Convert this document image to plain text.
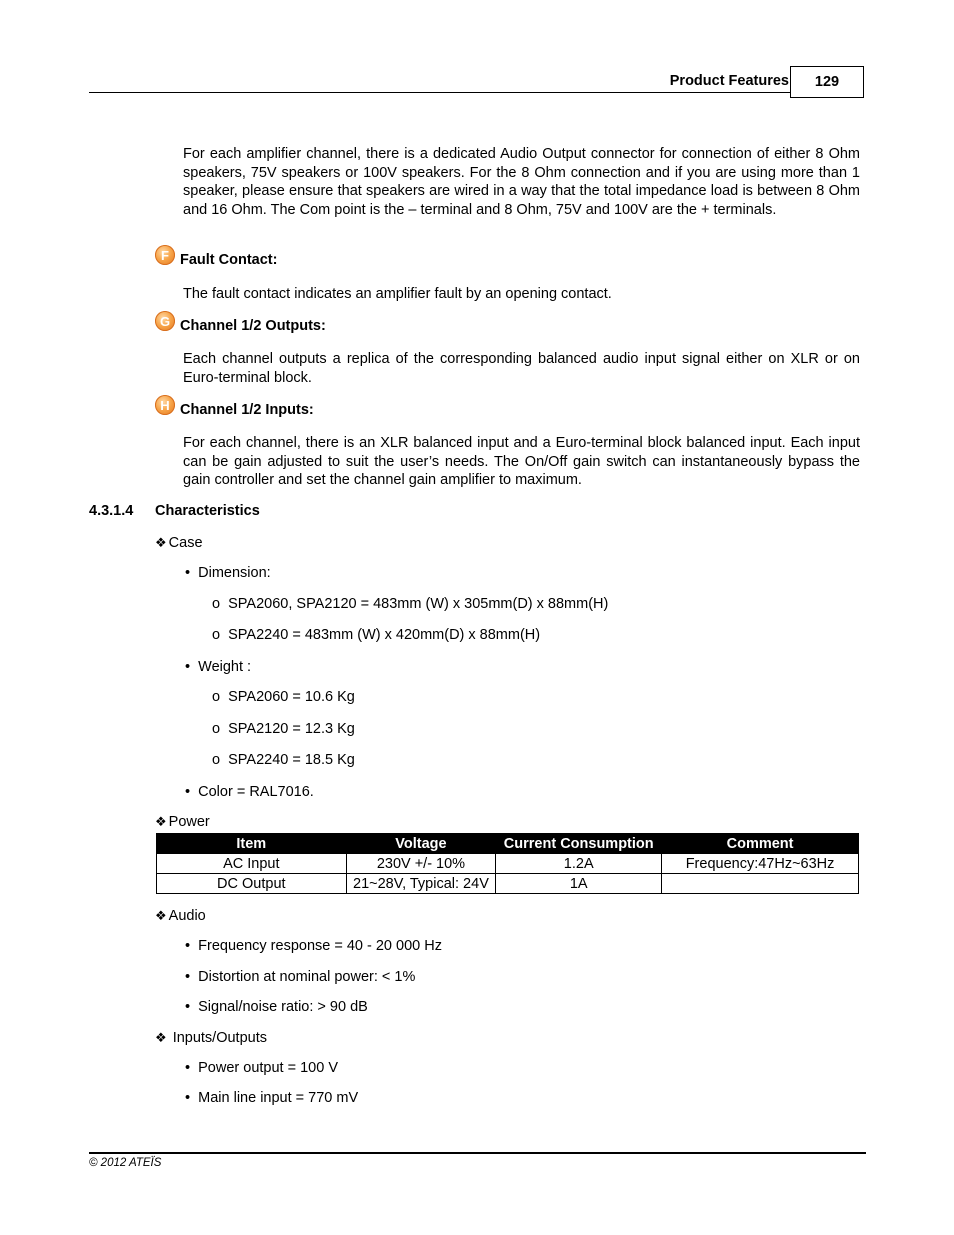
Product Features 129
For each amplifier channel, there is a dedicated Audio Output connector for connection of either 8 Ohm speakers, 75V speakers or 100V speakers. For the 8 Ohm connection and if you are using more than 1 speaker, please ensure that speakers are wired in a way that the total impedance load is between 8 Ohm and 16 Ohm. The Com point is the – terminal and 8 Ohm, 75V and 100V are the + terminals.
F Fault Contact:
The fault contact indicates an amplifier fault by an opening contact.
G Channel 1/2 Outputs:
Each channel outputs a replica of the corresponding balanced audio input signal either on XLR or on Euro-terminal block.
H Channel 1/2 Inputs:
For each channel, there is an XLR balanced input and a Euro-terminal block balanced input. Each input can be gain adjusted to suit the user’s needs. The On/Off gain switch can instantaneously bypass the gain controller and set the channel gain amplifier to maximum.
4.3.1.4 Characteristics
❖ Case
• Dimension:
o SPA2060, SPA2120 = 483mm (W) x 305mm(D) x 88mm(H)
o SPA2240 = 483mm (W) x 420mm(D) x 88mm(H)
• Weight :
o SPA2060 = 10.6 Kg
o SPA2120 = 12.3 Kg
o SPA2240 = 18.5 Kg
• Color = RAL7016.
❖ Power
Item	Voltage	Current Consumption	Comment
AC Input	230V +/- 10%	1.2A	Frequency:47Hz~63Hz
DC Output	21~28V, Typical: 24V	1A	
❖ Audio
• Frequency response = 40 - 20 000 Hz
• Distortion at nominal power: < 1%
• Signal/noise ratio: > 90 dB
❖ Inputs/Outputs
• Power output = 100 V
• Main line input = 770 mV
© 2012 ATEÏS
